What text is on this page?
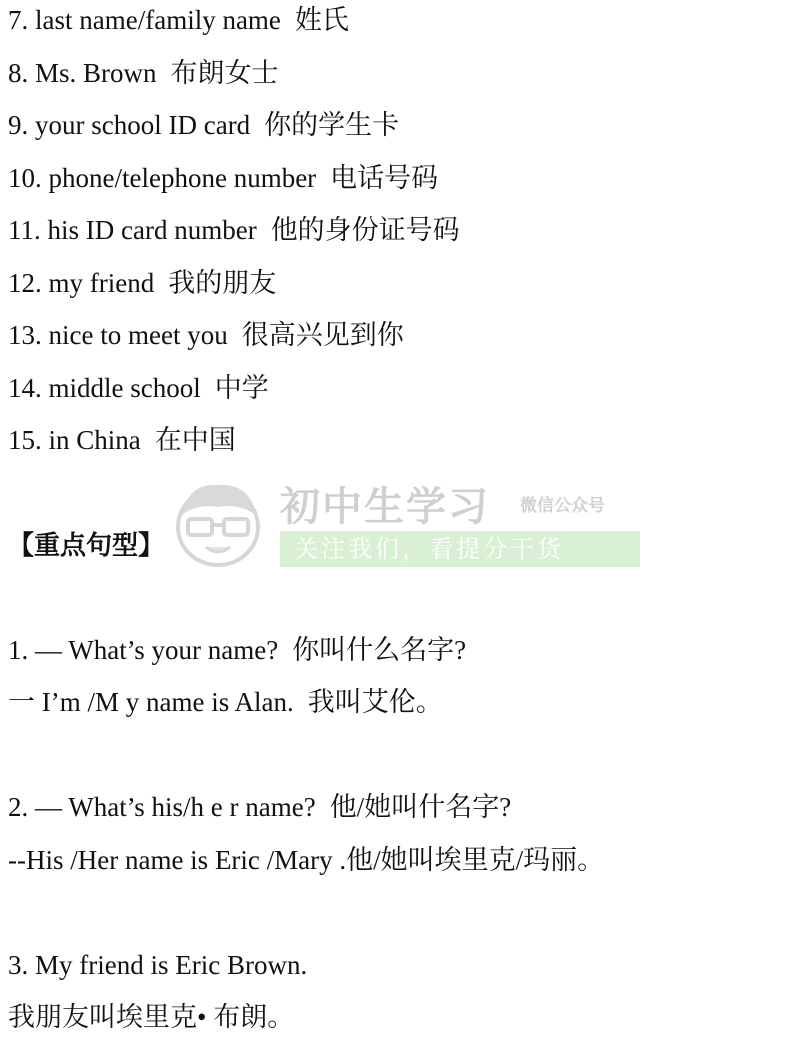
7. last name/family name 姓氏
8. Ms. Brown 布朗女士
9. your school ID card 你的学生卡
10. phone/telephone number 电话号码
11. his ID card number 他的身份证号码
12. my friend 我的朋友
13. nice to meet you 很高兴见到你
14. middle school 中学
15. in China 在中国
初中生学习 微信公众号
关注我们，看提分干货
【重点句型】
1. — What’s your name? 你叫什么名字?
一 I’m /M y name is Alan. 我叫艾伦。
2. — What’s his/h e r name? 他/她叫什名字?
--His /Her name is Eric /Mary .他/她叫埃里克/玛丽。
3. My friend is Eric Brown.
我朋友叫埃里克• 布朗。
